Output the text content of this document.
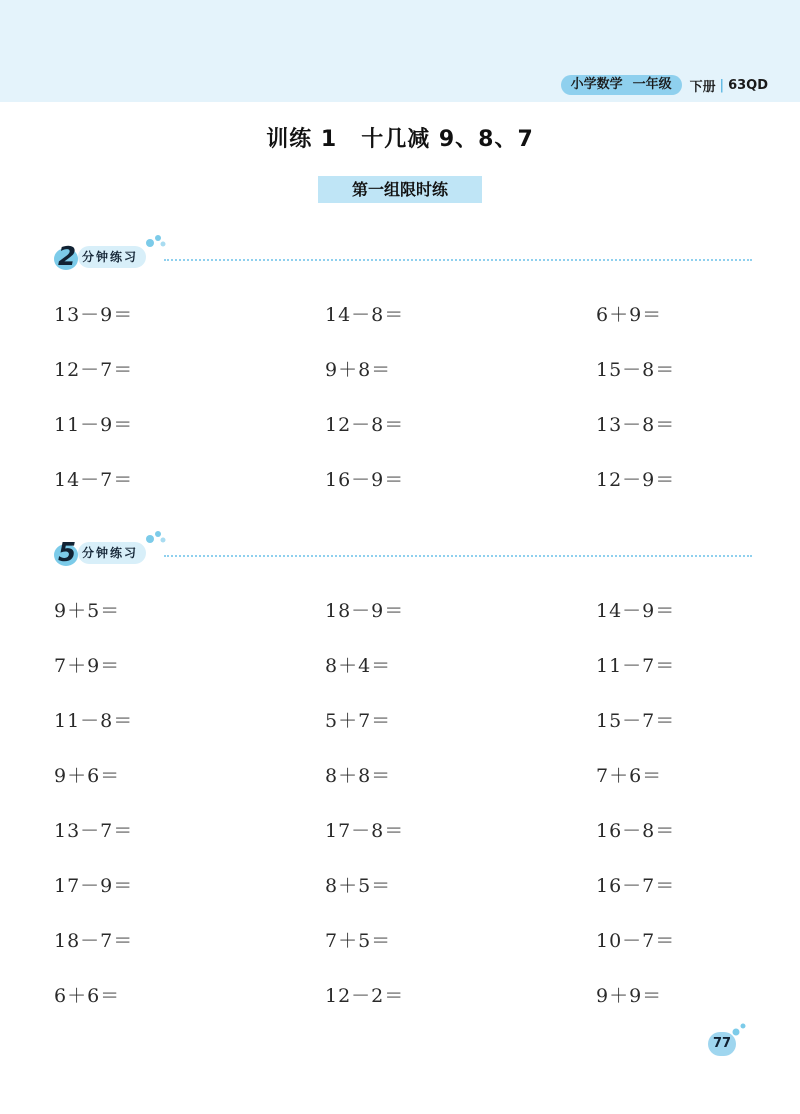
小学数学 一年级	下册 | 63QD
训练 1 十几减 9、8、7
第一组限时练
2 分钟练习
13－9＝	14－8＝	6＋9＝
12－7＝	9＋8＝	15－8＝
11－9＝	12－8＝	13－8＝
14－7＝	16－9＝	12－9＝
5 分钟练习
9＋5＝	18－9＝	14－9＝
7＋9＝	8＋4＝	11－7＝
11－8＝	5＋7＝	15－7＝
9＋6＝	8＋8＝	7＋6＝
13－7＝	17－8＝	16－8＝
17－9＝	8＋5＝	16－7＝
18－7＝	7＋5＝	10－7＝
6＋6＝	12－2＝	9＋9＝
77
